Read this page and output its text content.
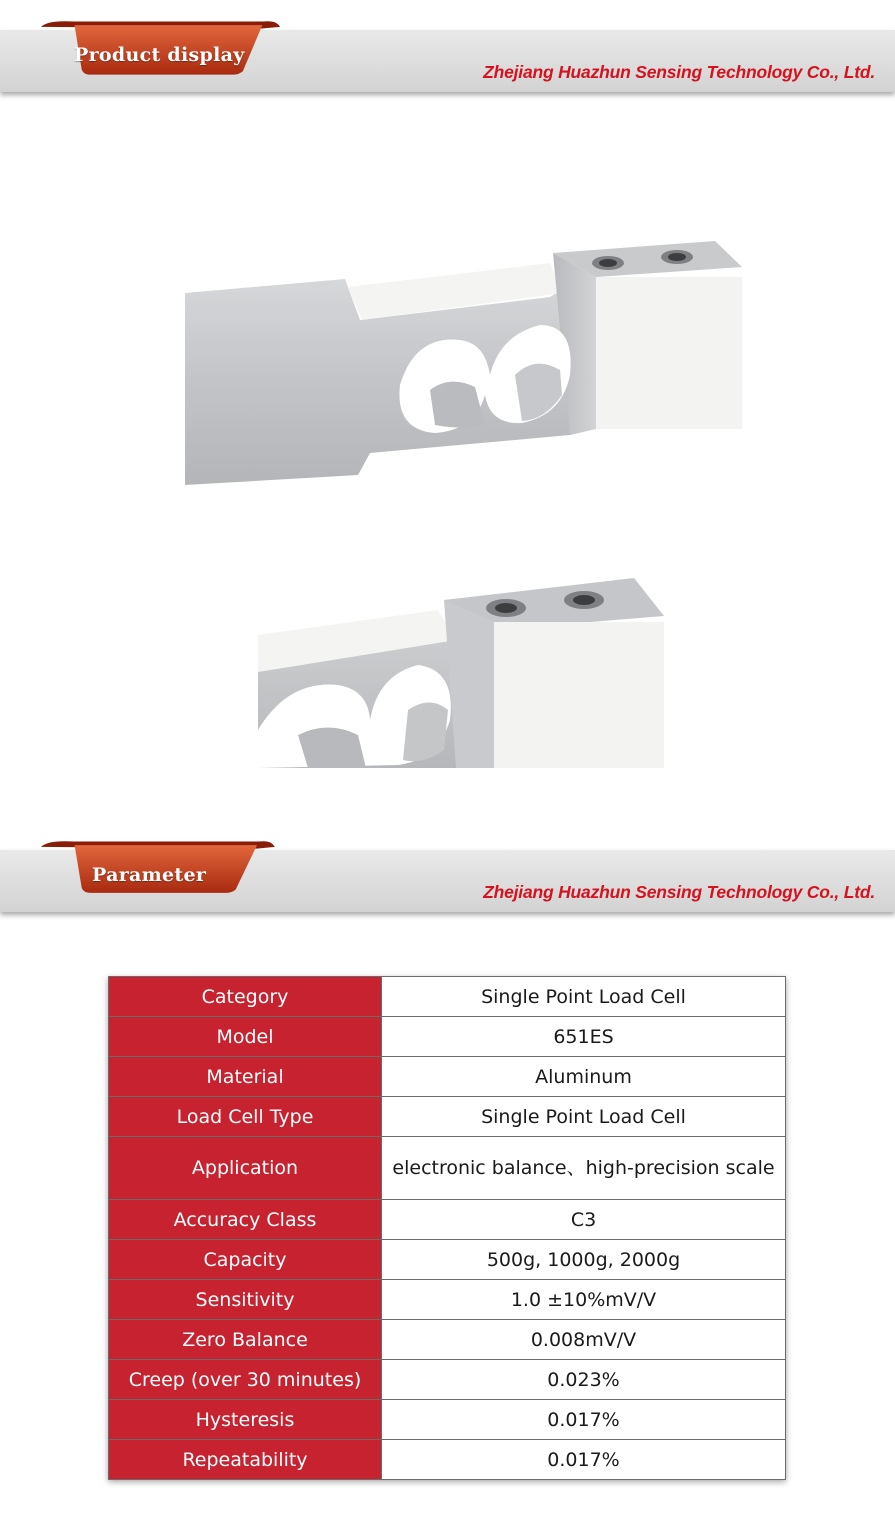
Product display
Zhejiang Huazhun Sensing Technology Co., Ltd.
Parameter
Zhejiang Huazhun Sensing Technology Co., Ltd.
Category	Single Point Load Cell
Model	651ES
Material	Aluminum
Load Cell Type	Single Point Load Cell
Application	electronic balance、high-precision scale
Accuracy Class	C3
Capacity	500g, 1000g, 2000g
Sensitivity	1.0 ±10%mV/V
Zero Balance	0.008mV/V
Creep (over 30 minutes)	0.023%
Hysteresis	0.017%
Repeatability	0.017%
